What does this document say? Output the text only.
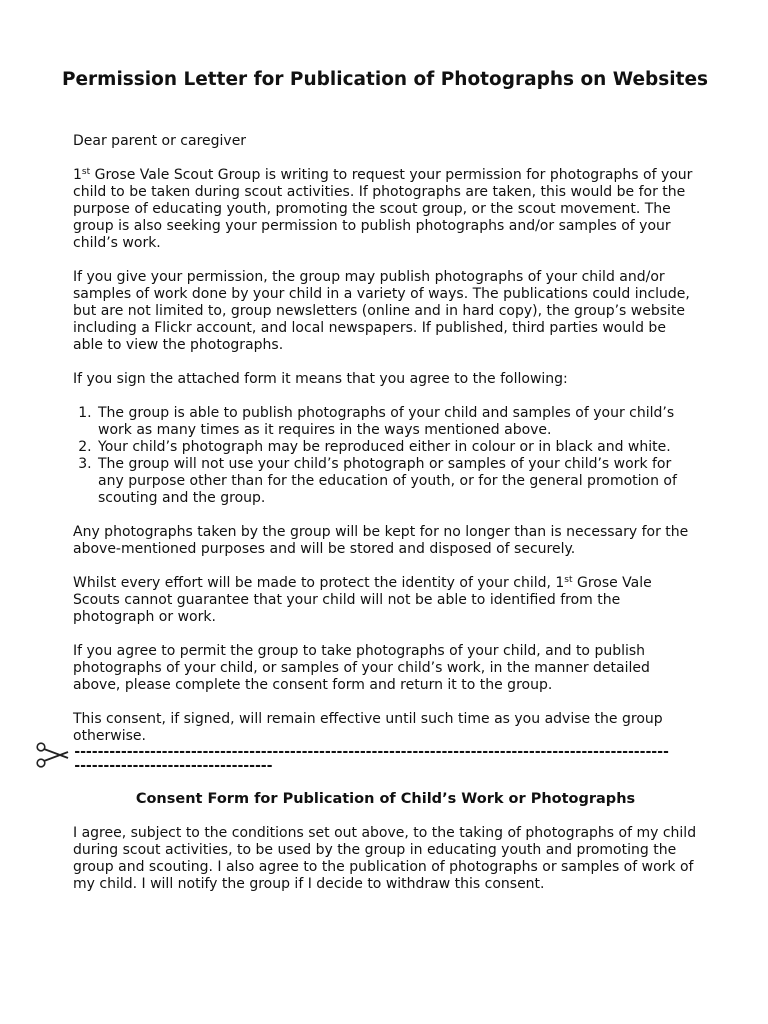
Permission Letter for Publication of Photographs on Websites

Dear parent or caregiver

1st Grose Vale Scout Group is writing to request your permission for photographs of your child to be taken during scout activities. If photographs are taken, this would be for the purpose of educating youth, promoting the scout group, or the scout movement. The group is also seeking your permission to publish photographs and/or samples of your child’s work.

If you give your permission, the group may publish photographs of your child and/or samples of work done by your child in a variety of ways. The publications could include, but are not limited to, group newsletters (online and in hard copy), the group’s website including a Flickr account, and local newspapers. If published, third parties would be able to view the photographs.

If you sign the attached form it means that you agree to the following:

1. The group is able to publish photographs of your child and samples of your child’s work as many times as it requires in the ways mentioned above.
2. Your child’s photograph may be reproduced either in colour or in black and white.
3. The group will not use your child’s photograph or samples of your child’s work for any purpose other than for the education of youth, or for the general promotion of scouting and the group.

Any photographs taken by the group will be kept for no longer than is necessary for the above-mentioned purposes and will be stored and disposed of securely.

Whilst every effort will be made to protect the identity of your child, 1st Grose Vale Scouts cannot guarantee that your child will not be able to identified from the photograph or work.

If you agree to permit the group to take photographs of your child, and to publish photographs of your child, or samples of your child’s work, in the manner detailed above, please complete the consent form and return it to the group.

This consent, if signed, will remain effective until such time as you advise the group otherwise.

------------------------------------------------------------------------------------------------------
----------------------------------

Consent Form for Publication of Child’s Work or Photographs

I agree, subject to the conditions set out above, to the taking of photographs of my child during scout activities, to be used by the group in educating youth and promoting the group and scouting. I also agree to the publication of photographs or samples of work of my child. I will notify the group if I decide to withdraw this consent.
